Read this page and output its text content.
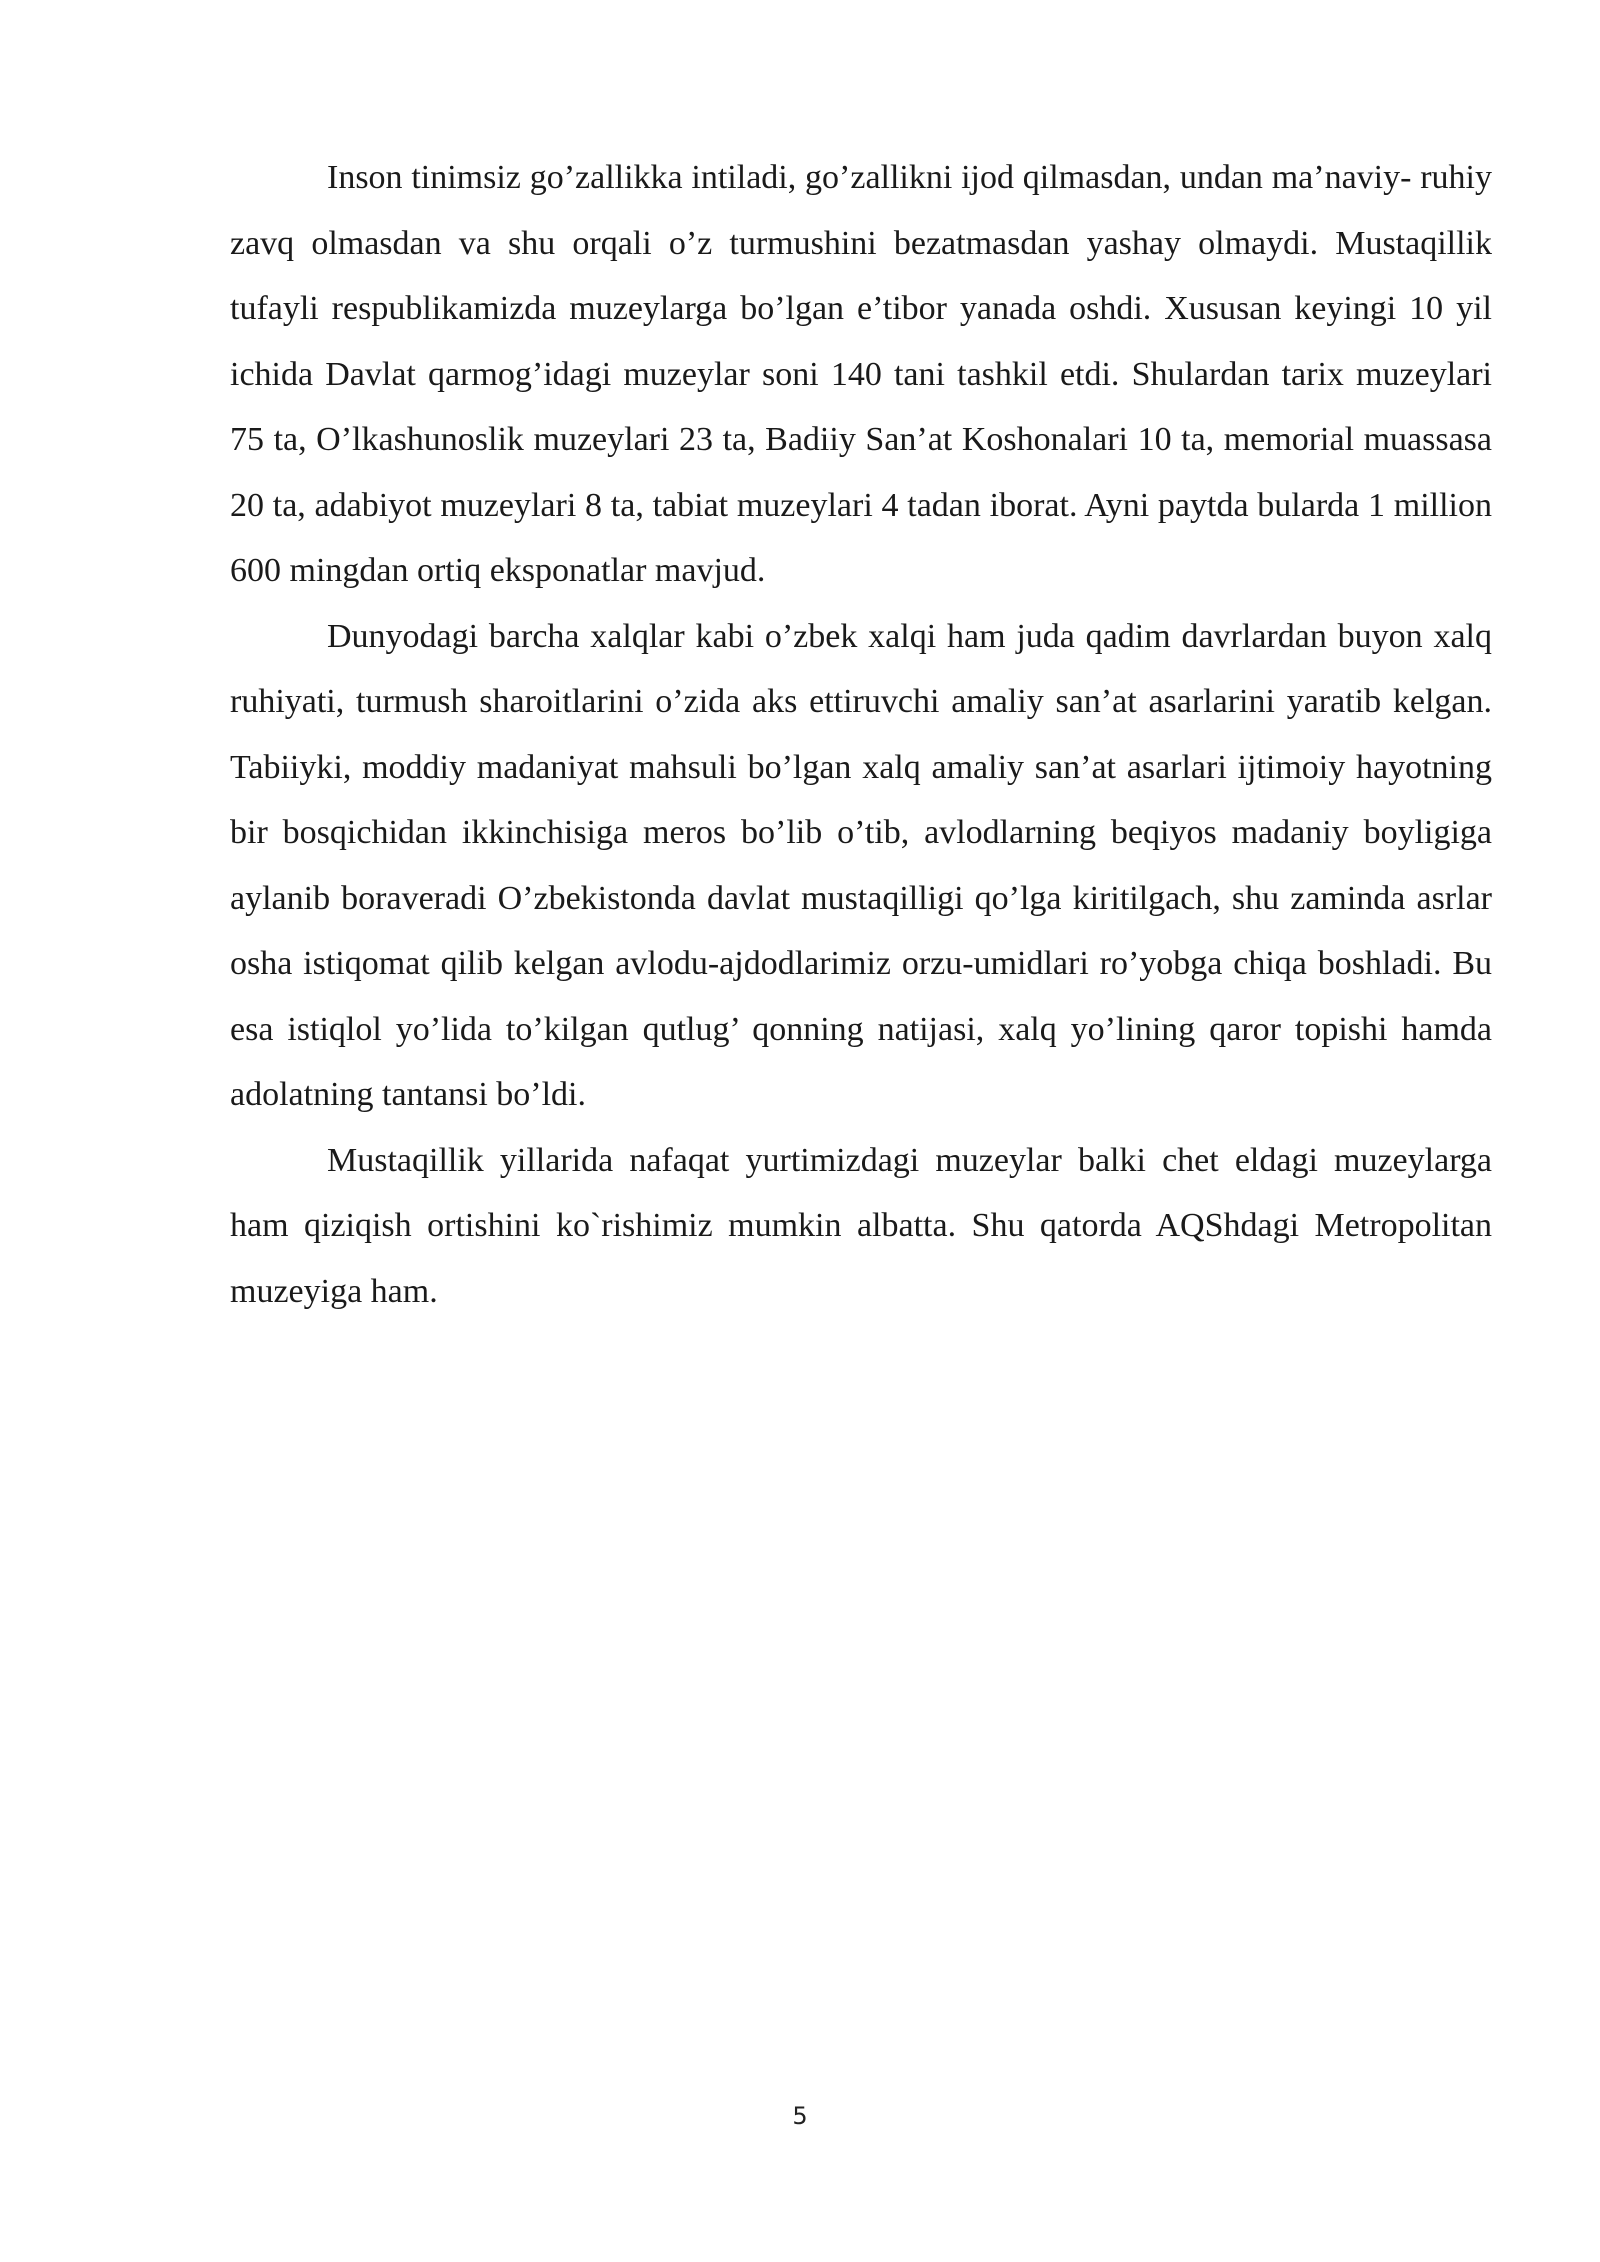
Inson tinimsiz go’zallikka intiladi, go’zallikni ijod qilmasdan, undan ma’naviy- ruhiy zavq olmasdan va shu orqali o’z turmushini bezatmasdan yashay olmaydi. Mustaqillik tufayli respublikamizda muzeylarga bo’lgan e’tibor yanada oshdi. Xususan keyingi 10 yil ichida Davlat qarmog’idagi muzeylar soni 140 tani tashkil etdi. Shulardan tarix muzeylari 75 ta, O’lkashunoslik muzeylari 23 ta, Badiiy San’at Koshonalari 10 ta, memorial muassasa 20 ta, adabiyot muzeylari 8 ta, tabiat muzeylari 4 tadan iborat. Ayni paytda bularda 1 million 600 mingdan ortiq eksponatlar mavjud.

Dunyodagi barcha xalqlar kabi o’zbek xalqi ham juda qadim davrlardan buyon xalq ruhiyati, turmush sharoitlarini o’zida aks ettiruvchi amaliy san’at asarlarini yaratib kelgan. Tabiiyki, moddiy madaniyat mahsuli bo’lgan xalq amaliy san’at asarlari ijtimoiy hayotning bir bosqichidan ikkinchisiga meros bo’lib o’tib, avlodlarning beqiyos madaniy boyligiga aylanib boraveradi O’zbekistonda davlat mustaqilligi qo’lga kiritilgach, shu zaminda asrlar osha istiqomat qilib kelgan avlodu-ajdodlarimiz orzu-umidlari ro’yobga chiqa boshladi. Bu esa istiqlol yo’lida to’kilgan qutlug’ qonning natijasi, xalq yo’lining qaror topishi hamda adolatning tantansi bo’ldi.

Mustaqillik yillarida nafaqat yurtimizdagi muzeylar balki chet eldagi muzeylarga ham qiziqish ortishini ko`rishimiz mumkin albatta. Shu qatorda AQShdagi Metropolitan muzeyiga ham.

5
